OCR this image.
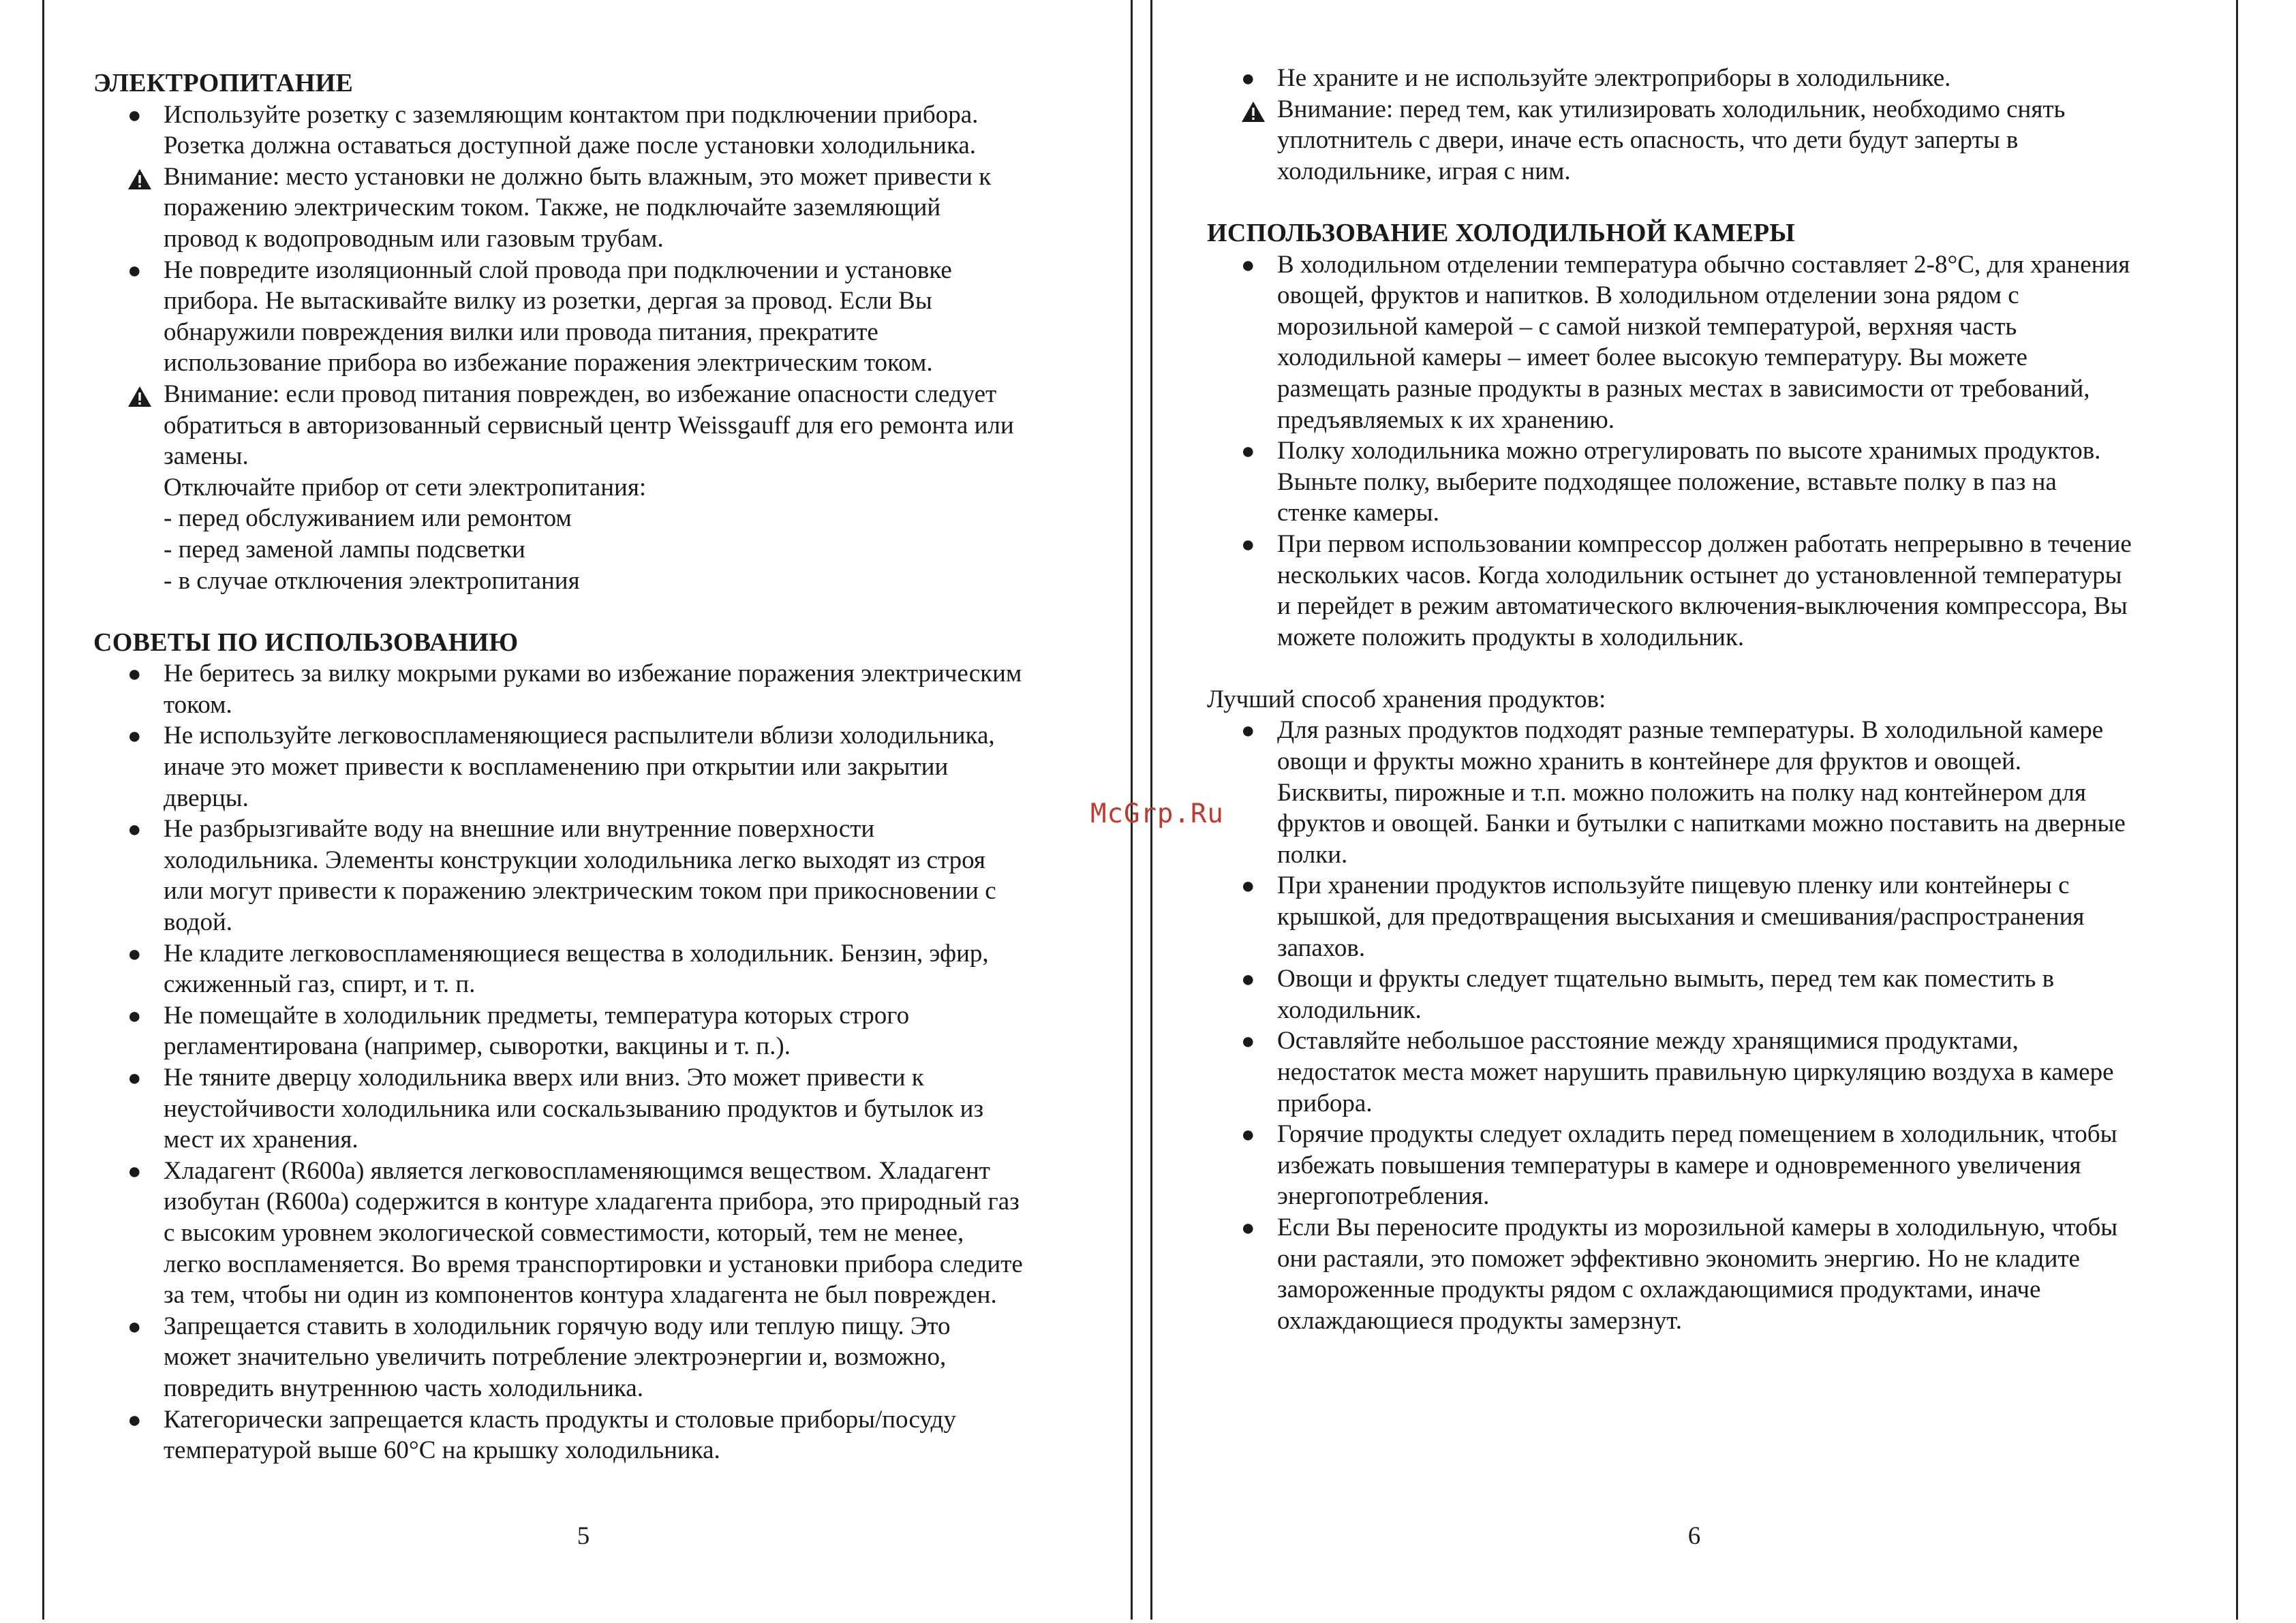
ЭЛЕКТРОПИТАНИЕ
● Используйте розетку с заземляющим контактом при подключении прибора.
Розетка должна оставаться доступной даже после установки холодильника.
Внимание: место установки не должно быть влажным, это может привести к
поражению электрическим током. Также, не подключайте заземляющий
провод к водопроводным или газовым трубам.
● Не повредите изоляционный слой провода при подключении и установке
прибора. Не вытаскивайте вилку из розетки, дергая за провод. Если Вы
обнаружили повреждения вилки или провода питания, прекратите
использование прибора во избежание поражения электрическим током.
Внимание: если провод питания поврежден, во избежание опасности следует
обратиться в авторизованный сервисный центр Weissgauff для его ремонта или
замены.
Отключайте прибор от сети электропитания:
- перед обслуживанием или ремонтом
- перед заменой лампы подсветки
- в случае отключения электропитания
СОВЕТЫ ПО ИСПОЛЬЗОВАНИЮ
● Не беритесь за вилку мокрыми руками во избежание поражения электрическим
током.
● Не используйте легковоспламеняющиеся распылители вблизи холодильника,
иначе это может привести к воспламенению при открытии или закрытии
дверцы.
● Не разбрызгивайте воду на внешние или внутренние поверхности
холодильника. Элементы конструкции холодильника легко выходят из строя
или могут привести к поражению электрическим током при прикосновении с
водой.
● Не кладите легковоспламеняющиеся вещества в холодильник. Бензин, эфир,
сжиженный газ, спирт, и т. п.
● Не помещайте в холодильник предметы, температура которых строго
регламентирована (например, сыворотки, вакцины и т. п.).
● Не тяните дверцу холодильника вверх или вниз. Это может привести к
неустойчивости холодильника или соскальзыванию продуктов и бутылок из
мест их хранения.
● Хладагент (R600a) является легковоспламеняющимся веществом. Хладагент
изобутан (R600a) содержится в контуре хладагента прибора, это природный газ
с высоким уровнем экологической совместимости, который, тем не менее,
легко воспламеняется. Во время транспортировки и установки прибора следите
за тем, чтобы ни один из компонентов контура хладагента не был поврежден.
● Запрещается ставить в холодильник горячую воду или теплую пищу. Это
может значительно увеличить потребление электроэнергии и, возможно,
повредить внутреннюю часть холодильника.
● Категорически запрещается класть продукты и столовые приборы/посуду
температурой выше 60°C на крышку холодильника.
5
● Не храните и не используйте электроприборы в холодильнике.
Внимание: перед тем, как утилизировать холодильник, необходимо снять
уплотнитель с двери, иначе есть опасность, что дети будут заперты в
холодильнике, играя с ним.
ИСПОЛЬЗОВАНИЕ ХОЛОДИЛЬНОЙ КАМЕРЫ
● В холодильном отделении температура обычно составляет 2-8°C, для хранения
овощей, фруктов и напитков. В холодильном отделении зона рядом с
морозильной камерой – с самой низкой температурой, верхняя часть
холодильной камеры – имеет более высокую температуру. Вы можете
размещать разные продукты в разных местах в зависимости от требований,
предъявляемых к их хранению.
● Полку холодильника можно отрегулировать по высоте хранимых продуктов.
Выньте полку, выберите подходящее положение, вставьте полку в паз на
стенке камеры.
● При первом использовании компрессор должен работать непрерывно в течение
нескольких часов. Когда холодильник остынет до установленной температуры
и перейдет в режим автоматического включения-выключения компрессора, Вы
можете положить продукты в холодильник.
Лучший способ хранения продуктов:
● Для разных продуктов подходят разные температуры. В холодильной камере
овощи и фрукты можно хранить в контейнере для фруктов и овощей.
Бисквиты, пирожные и т.п. можно положить на полку над контейнером для
фруктов и овощей. Банки и бутылки с напитками можно поставить на дверные
полки.
● При хранении продуктов используйте пищевую пленку или контейнеры с
крышкой, для предотвращения высыхания и смешивания/распространения
запахов.
● Овощи и фрукты следует тщательно вымыть, перед тем как поместить в
холодильник.
● Оставляйте небольшое расстояние между хранящимися продуктами,
недостаток места может нарушить правильную циркуляцию воздуха в камере
прибора.
● Горячие продукты следует охладить перед помещением в холодильник, чтобы
избежать повышения температуры в камере и одновременного увеличения
энергопотребления.
● Если Вы переносите продукты из морозильной камеры в холодильную, чтобы
они растаяли, это поможет эффективно экономить энергию. Но не кладите
замороженные продукты рядом с охлаждающимися продуктами, иначе
охлаждающиеся продукты замерзнут.
6
McGrp.Ru
